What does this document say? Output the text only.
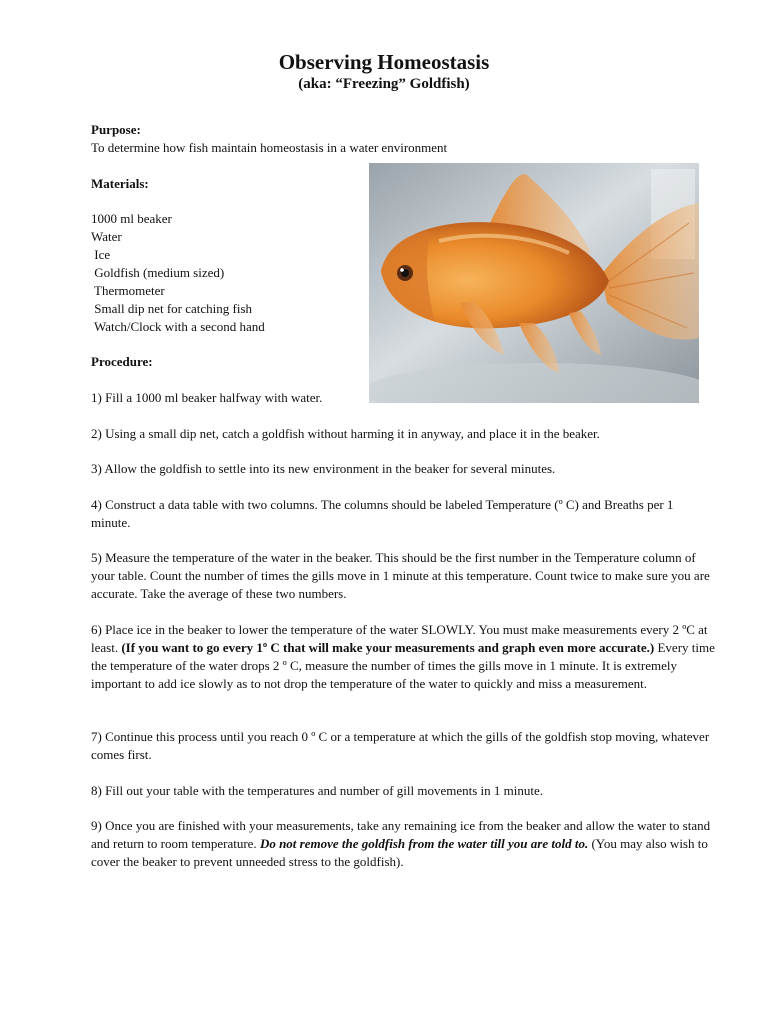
Observing Homeostasis
(aka: “Freezing” Goldfish)
Purpose:
To determine how fish maintain homeostasis in a water environment
Materials:
1000 ml beaker
Water
Ice
Goldfish (medium sized)
Thermometer
Small dip net for catching fish
Watch/Clock with a second hand
Procedure:
1) Fill a 1000 ml beaker halfway with water.
2) Using a small dip net, catch a goldfish without harming it in anyway, and place it in the beaker.
3) Allow the goldfish to settle into its new environment in the beaker for several minutes.
4) Construct a data table with two columns. The columns should be labeled Temperature (º C) and Breaths per 1 minute.
5) Measure the temperature of the water in the beaker. This should be the first number in the Temperature column of your table. Count the number of times the gills move in 1 minute at this temperature. Count twice to make sure you are accurate. Take the average of these two numbers.

6) Place ice in the beaker to lower the temperature of the water SLOWLY. You must make measurements every 2 ºC at least. (If you want to go every 1º C that will make your measurements and graph even more accurate.) Every time the temperature of the water drops 2 º C, measure the number of times the gills move in 1 minute. It is extremely important to add ice slowly as to not drop the temperature of the water to quickly and miss a measurement.

7) Continue this process until you reach 0 º C or a temperature at which the gills of the goldfish stop moving, whatever comes first.
8) Fill out your table with the temperatures and number of gill movements in 1 minute.

9) Once you are finished with your measurements, take any remaining ice from the beaker and allow the water to stand and return to room temperature. Do not remove the goldfish from the water till you are told to. (You may also wish to cover the beaker to prevent unneeded stress to the goldfish).
